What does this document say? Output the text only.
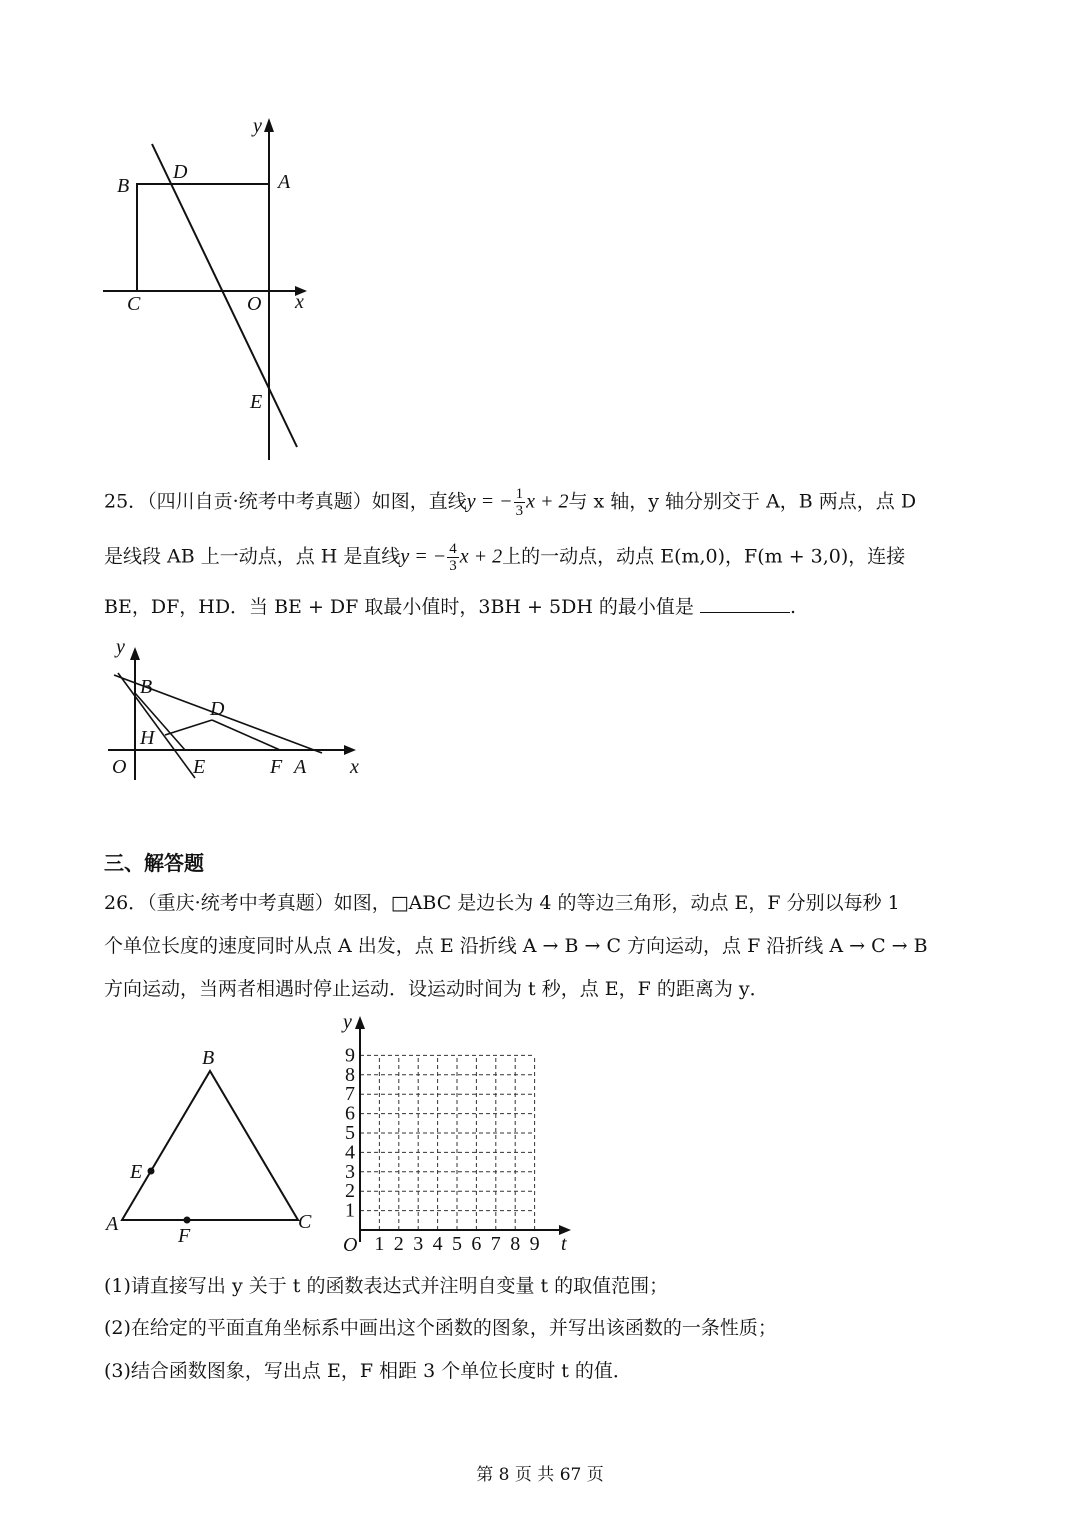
y
x
B
D	A
C	O
E
25．（四川自贡·统考中考真题）如图，直线y = − $\frac{1}{3}$ x + 2与 x 轴，y 轴分别交于 A，B 两点，点 D
是线段 AB 上一动点，点 H 是直线y = − $\frac{4}{3}$ x + 2上的一动点，动点 E(m,0)，F(m + 3,0)，连接
BE，DF，HD．当 BE + DF 取最小值时，3BH + 5DH 的最小值是	.
y
B
D
H
O	E	F A x
三、解答题
26．（重庆·统考中考真题）如图，□ABC 是边长为 4 的等边三角形，动点 E，F 分别以每秒 1
个单位长度的速度同时从点 A 出发，点 E 沿折线 A → B → C 方向运动，点 F 沿折线 A → C → B
方向运动，当两者相遇时停止运动．设运动时间为 t 秒，点 E，F 的距离为 y．
B
E
A
F
C
1 2 3 4 5 6 7 8 9
1
2
3
4
5
6
7
8
9
y
t
O
(1)请直接写出 y 关于 t 的函数表达式并注明自变量 t 的取值范围；
(2)在给定的平面直角坐标系中画出这个函数的图象，并写出该函数的一条性质；
(3)结合函数图象，写出点 E，F 相距 3 个单位长度时 t 的值．
第 8 页 共 67 页
